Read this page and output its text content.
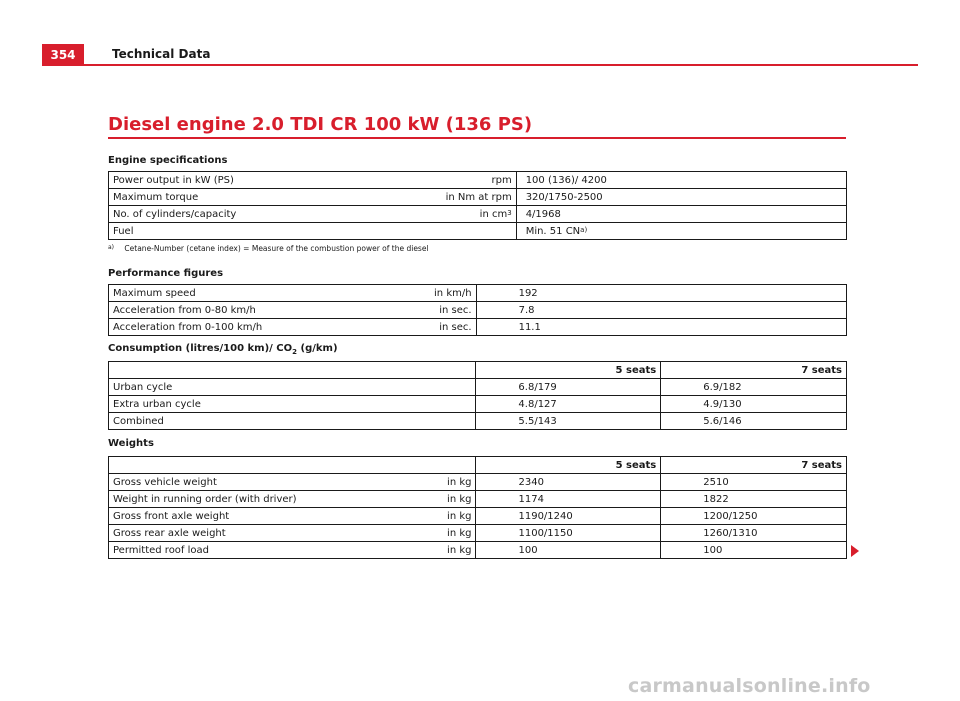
354	Technical Data
Diesel engine 2.0 TDI CR 100 kW (136 PS)
Engine specifications
Power output in kW (PS)	rpm	100 (136)/ 4200
Maximum torque	in Nm at rpm	320/1750-2500
No. of cylinders/capacity	in $cm^3$	4/1968
Fuel		Min. 51 CN$^{a)}$
$^{a)}$ Cetane-Number (cetane index) = Measure of the combustion power of the diesel
Performance figures
Maximum speed in km/h	192
Acceleration from 0-80 km/h in sec.	7.8
Acceleration from 0-100 km/h in sec.	11.1
Consumption (litres/100 km)/ $CO_2$ (g/km)
	5 seats	7 seats
Urban cycle	6.8/179	6.9/182
Extra urban cycle	4.8/127	4.9/130
Combined	5.5/143	5.6/146
Weights
	5 seats	7 seats
Gross vehicle weight in kg	2340	2510
Weight in running order (with driver) in kg	1174	1822
Gross front axle weight in kg	1190/1240	1200/1250
Gross rear axle weight in kg	1100/1150	1260/1310
Permitted roof load in kg	100	100
carmanualsonline.info
